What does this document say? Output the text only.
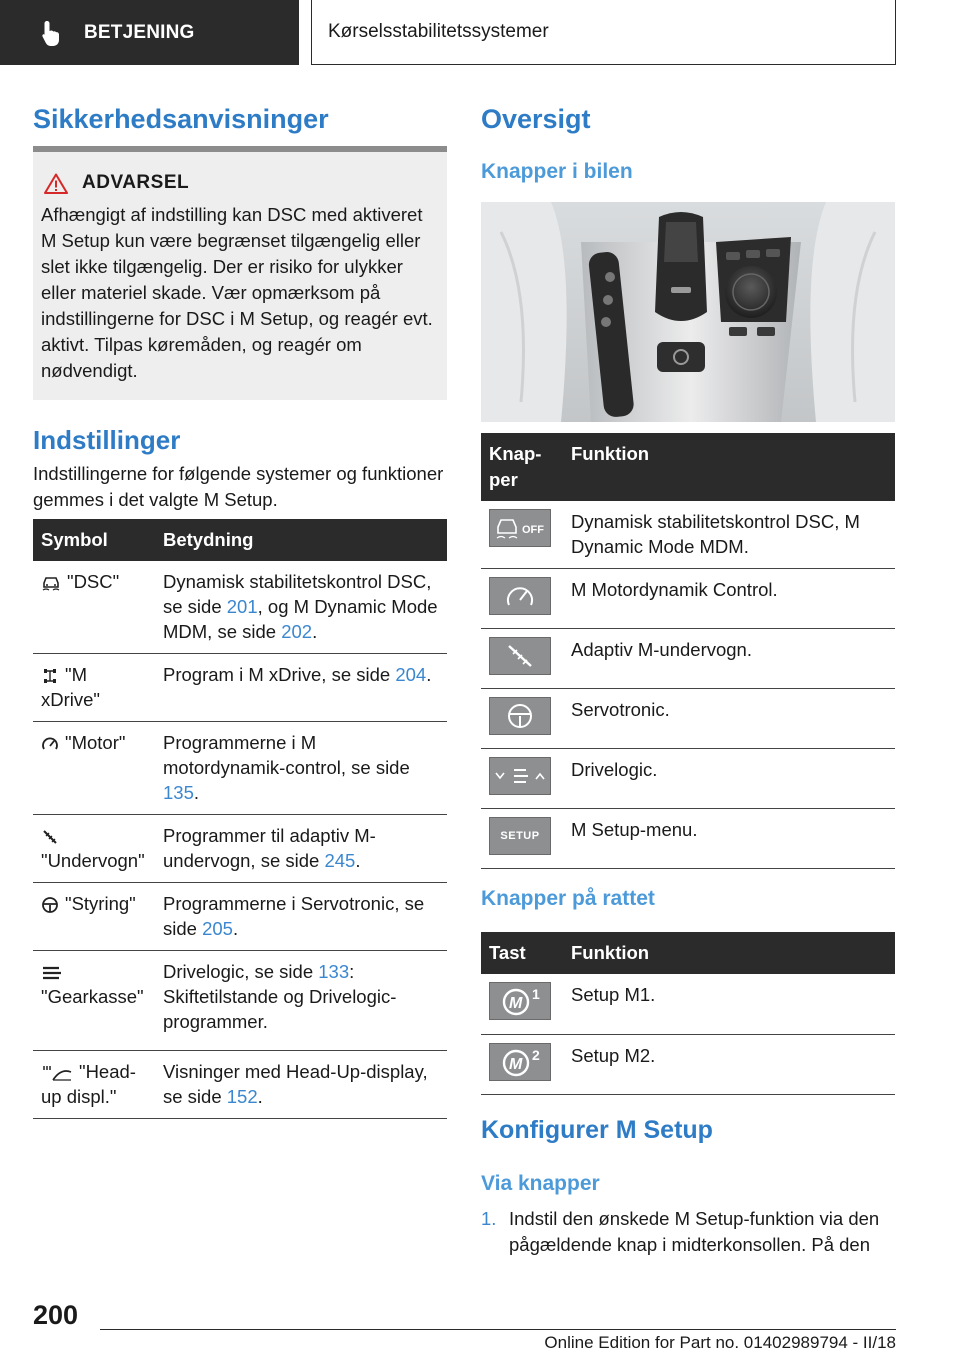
BETJENING	Kørselsstabilitetssystemer
Sikkerhedsanvisninger
ADVARSEL

Afhængigt af indstilling kan DSC med aktiveret M Setup kun være begrænset tilgængelig eller slet ikke tilgængelig. Der er risiko for ulykker eller materiel skade. Vær opmærksom på indstillingerne for DSC i M Setup, og reagér evt. aktivt. Tilpas køremåden, og reagér om nødvendigt.

Indstillinger

Indstillingerne for følgende systemer og funktioner gemmes i det valgte M Setup.

Symbol	Betydning
"DSC"	Dynamisk stabilitetskontrol DSC, se side 201, og M Dynamic Mode MDM, se side 202.
"M xDrive"	Program i M xDrive, se side 204.
"Motor"	Programmerne i M motordynamik-control, se side 135.

"Undervogn"	Programmer til adaptiv M-undervogn, se side 245.
"Styring"	Programmerne i Servotronic, se side 205.

"Gearkasse"	Drivelogic, se side 133: Skiftetilstande og Drivelogic-programmer.
"Head-up displ."	Visninger med Head-Up-display, se side 152.
Oversigt
Knapper i bilen
Knap-
per	Funktion

OFF	Dynamisk stabilitetskontrol DSC, M Dynamic Mode MDM.

	M Motordynamik Control.

	Adaptiv M-undervogn.

	Servotronic.

	Drivelogic.

SETUP	M Setup-menu.
Knapper på rattet
Tast	Funktion

M
1	Setup M1.

M
2	Setup M2.
Konfigurer M Setup
Via knapper
1. Indstil den ønskede M Setup-funktion via den pågældende knap i midterkonsollen. På den
200
Online Edition for Part no. 01402989794 - II/18
